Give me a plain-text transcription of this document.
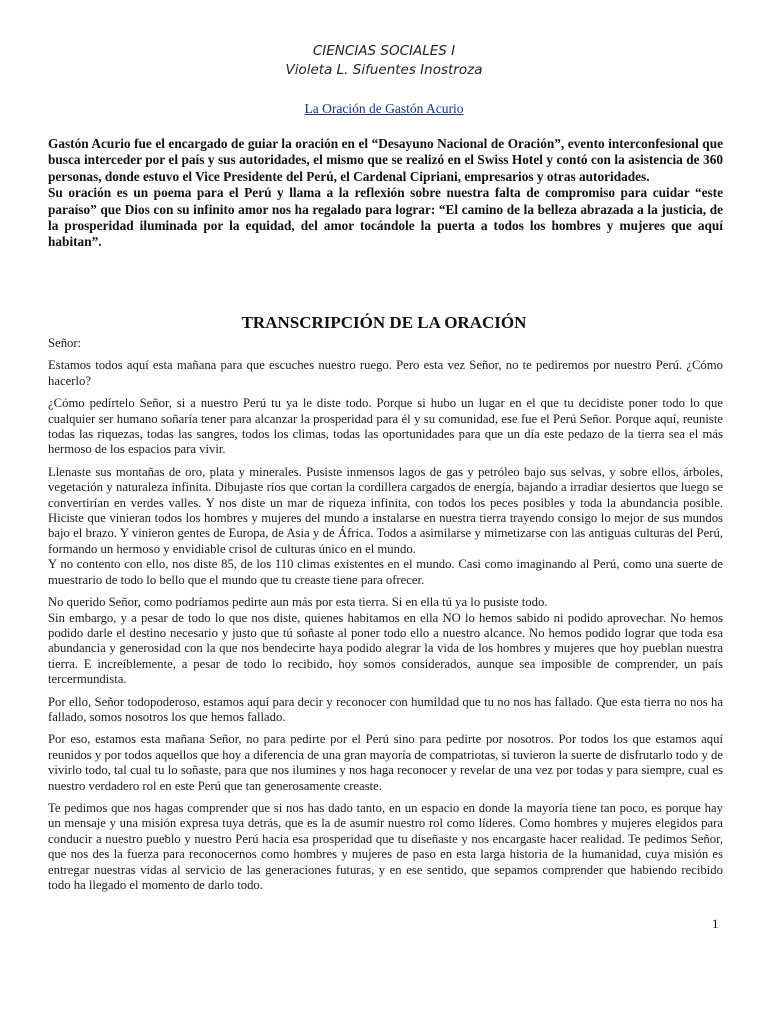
CIENCIAS SOCIALES I
Violeta L. Sifuentes Inostroza
La Oración de Gastón Acurio

Gastón Acurio fue el encargado de guiar la oración en el “Desayuno Nacional de Oración”, evento interconfesional que busca interceder por el país y sus autoridades, el mismo que se realizó en el Swiss Hotel y contó con la asistencia de 360 personas, donde estuvo el Vice Presidente del Perú, el Cardenal Cipriani, empresarios y otras autoridades.

Su oración es un poema para el Perú y llama a la reflexión sobre nuestra falta de compromiso para cuidar “este paraíso” que Dios con su infinito amor nos ha regalado para lograr: “El camino de la belleza abrazada a la justicia, de la prosperidad iluminada por la equidad, del amor tocándole la puerta a todos los hombres y mujeres que aquí habitan”.

TRANSCRIPCIÓN DE LA ORACIÓN

Señor:

Estamos todos aquí esta mañana para que escuches nuestro ruego. Pero esta vez Señor, no te pediremos por nuestro Perú. ¿Cómo hacerlo?

¿Cómo pedírtelo Señor, si a nuestro Perú tu ya le diste todo. Porque si hubo un lugar en el que tu decidiste poner todo lo que cualquier ser humano soñaría tener para alcanzar la prosperidad para él y su comunidad, ese fue el Perú Señor. Porque aquí, reuniste todas las riquezas, todas las sangres, todos los climas, todas las oportunidades para que un día este pedazo de la tierra sea el más hermoso de los espacios para vivir.

Llenaste sus montañas de oro, plata y minerales. Pusiste inmensos lagos de gas y petróleo bajo sus selvas, y sobre ellos, árboles, vegetación y naturaleza infinita. Dibujaste ríos que cortan la cordillera cargados de energía, bajando a irradiar desiertos que luego se convertirían en verdes valles. Y nos diste un mar de riqueza infinita, con todos los peces posibles y toda la abundancia posible. Hiciste que vinieran todos los hombres y mujeres del mundo a instalarse en nuestra tierra trayendo consigo lo mejor de sus mundos bajo el brazo. Y vinieron gentes de Europa, de Asia y de África. Todos a asimilarse y mimetizarse con las antiguas culturas del Perú, formando un hermoso y envidiable crisol de culturas único en el mundo.

Y no contento con ello, nos diste 85, de los 110 climas existentes en el mundo. Casi como imaginando al Perú, como una suerte de muestrario de todo lo bello que el mundo que tu creaste tiene para ofrecer.

No querido Señor, como podríamos pedirte aun más por esta tierra. Si en ella tú ya lo pusiste todo.

Sin embargo, y a pesar de todo lo que nos diste, quienes habitamos en ella NO lo hemos sabido ni podido aprovechar. No hemos podido darle el destino necesario y justo que tú soñaste al poner todo ello a nuestro alcance. No hemos podido lograr que toda esa abundancia y generosidad con la que nos bendecirte haya podido alegrar la vida de los hombres y mujeres que hoy pueblan nuestra tierra. E increíblemente, a pesar de todo lo recibido, hoy somos considerados, aunque sea imposible de comprender, un país tercermundista.

Por ello, Señor todopoderoso, estamos aquí para decir y reconocer con humildad que tu no nos has fallado. Que esta tierra no nos ha fallado, somos nosotros los que hemos fallado.

Por eso, estamos esta mañana Señor, no para pedirte por el Perú sino para pedirte por nosotros. Por todos los que estamos aquí reunidos y por todos aquellos que hoy a diferencia de una gran mayoría de compatriotas, si tuvieron la suerte de disfrutarlo todo y de vivirlo todo, tal cual tu lo soñaste, para que nos ilumines y nos haga reconocer y revelar de una vez por todas y para siempre, cual es nuestro verdadero rol en este Perú que tan generosamente creaste.

Te pedimos que nos hagas comprender que si nos has dado tanto, en un espacio en donde la mayoría tiene tan poco, es porque hay un mensaje y una misión expresa tuya detrás, que es la de asumir nuestro rol como líderes. Como hombres y mujeres elegidos para conducir a nuestro pueblo y nuestro Perú hacia esa prosperidad que tu diseñaste y nos encargaste hacer realidad. Te pedimos Señor, que nos des la fuerza para reconocernos como hombres y mujeres de paso en esta larga historia de la humanidad, cuya misión es entregar nuestras vidas al servicio de las generaciones futuras, y en ese sentido, que sepamos comprender que habiendo recibido todo ha llegado el momento de darlo todo.

1
